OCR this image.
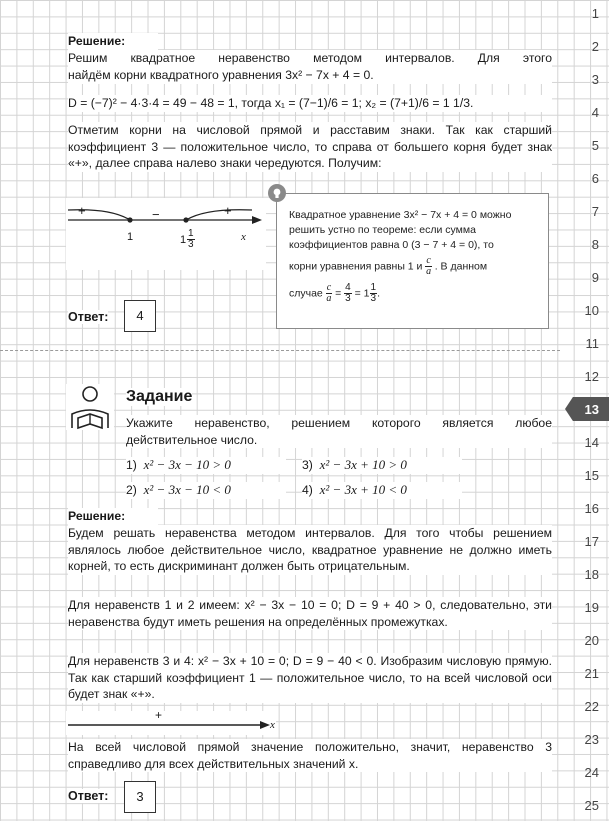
Решение:
Решим квадратное неравенство методом интервалов. Для этого
найдём корни квадратного уравнения 3x² − 7x + 4 = 0.
D = (−7)² − 4·3·4 = 49 − 48 = 1, тогда x₁ = (7−1)/6 = 1; x₂ = (7+1)/6 = 1 1/3.
Отметим корни на числовой прямой и расставим знаки. Так как старший коэффициент 3 — положительное число, то справа от большего корня будет знак «+», далее справа налево знаки чередуются. Получим:
+	−	+
1	$1 \frac{1}{3}$	x
Квадратное уравнение 3x² − 7x + 4 = 0 можно
решить устно по теореме: если сумма
коэффициентов равна 0 (3 − 7 + 4 = 0), то
корни уравнения равны 1 и $\frac{c}{a}$ . В данном
случае $\frac{c}{a} = \frac{4}{3} = 1 \frac{1}{3}$ .
Ответ:	4
Задание
Укажите неравенство, решением которого является любое действительное число.
1) x² − 3x − 10 > 0	3) x² − 3x + 10 > 0
2) x² − 3x − 10 < 0	4) x² − 3x + 10 < 0
Решение:
Будем решать неравенства методом интервалов. Для того чтобы решением являлось любое действительное число, квадратное уравнение не должно иметь корней, то есть дискриминант должен быть отрицательным.
Для неравенств 1 и 2 имеем: x² − 3x − 10 = 0; D = 9 + 40 > 0, следовательно, эти неравенства будут иметь решения на определённых промежутках.
Для неравенств 3 и 4: x² − 3x + 10 = 0; D = 9 − 40 < 0. Изобразим числовую прямую. Так как старший коэффициент 1 — положительное число, то на всей числовой оси будет знак «+».
+
x
На всей числовой прямой значение положительно, значит, неравенство 3 справедливо для всех действительных значений x.
Ответ:	3
1
2
3
4
5
6
7
8
9
10
11
12
13
14
15
16
17
18
19
20
21
22
23
24
25
